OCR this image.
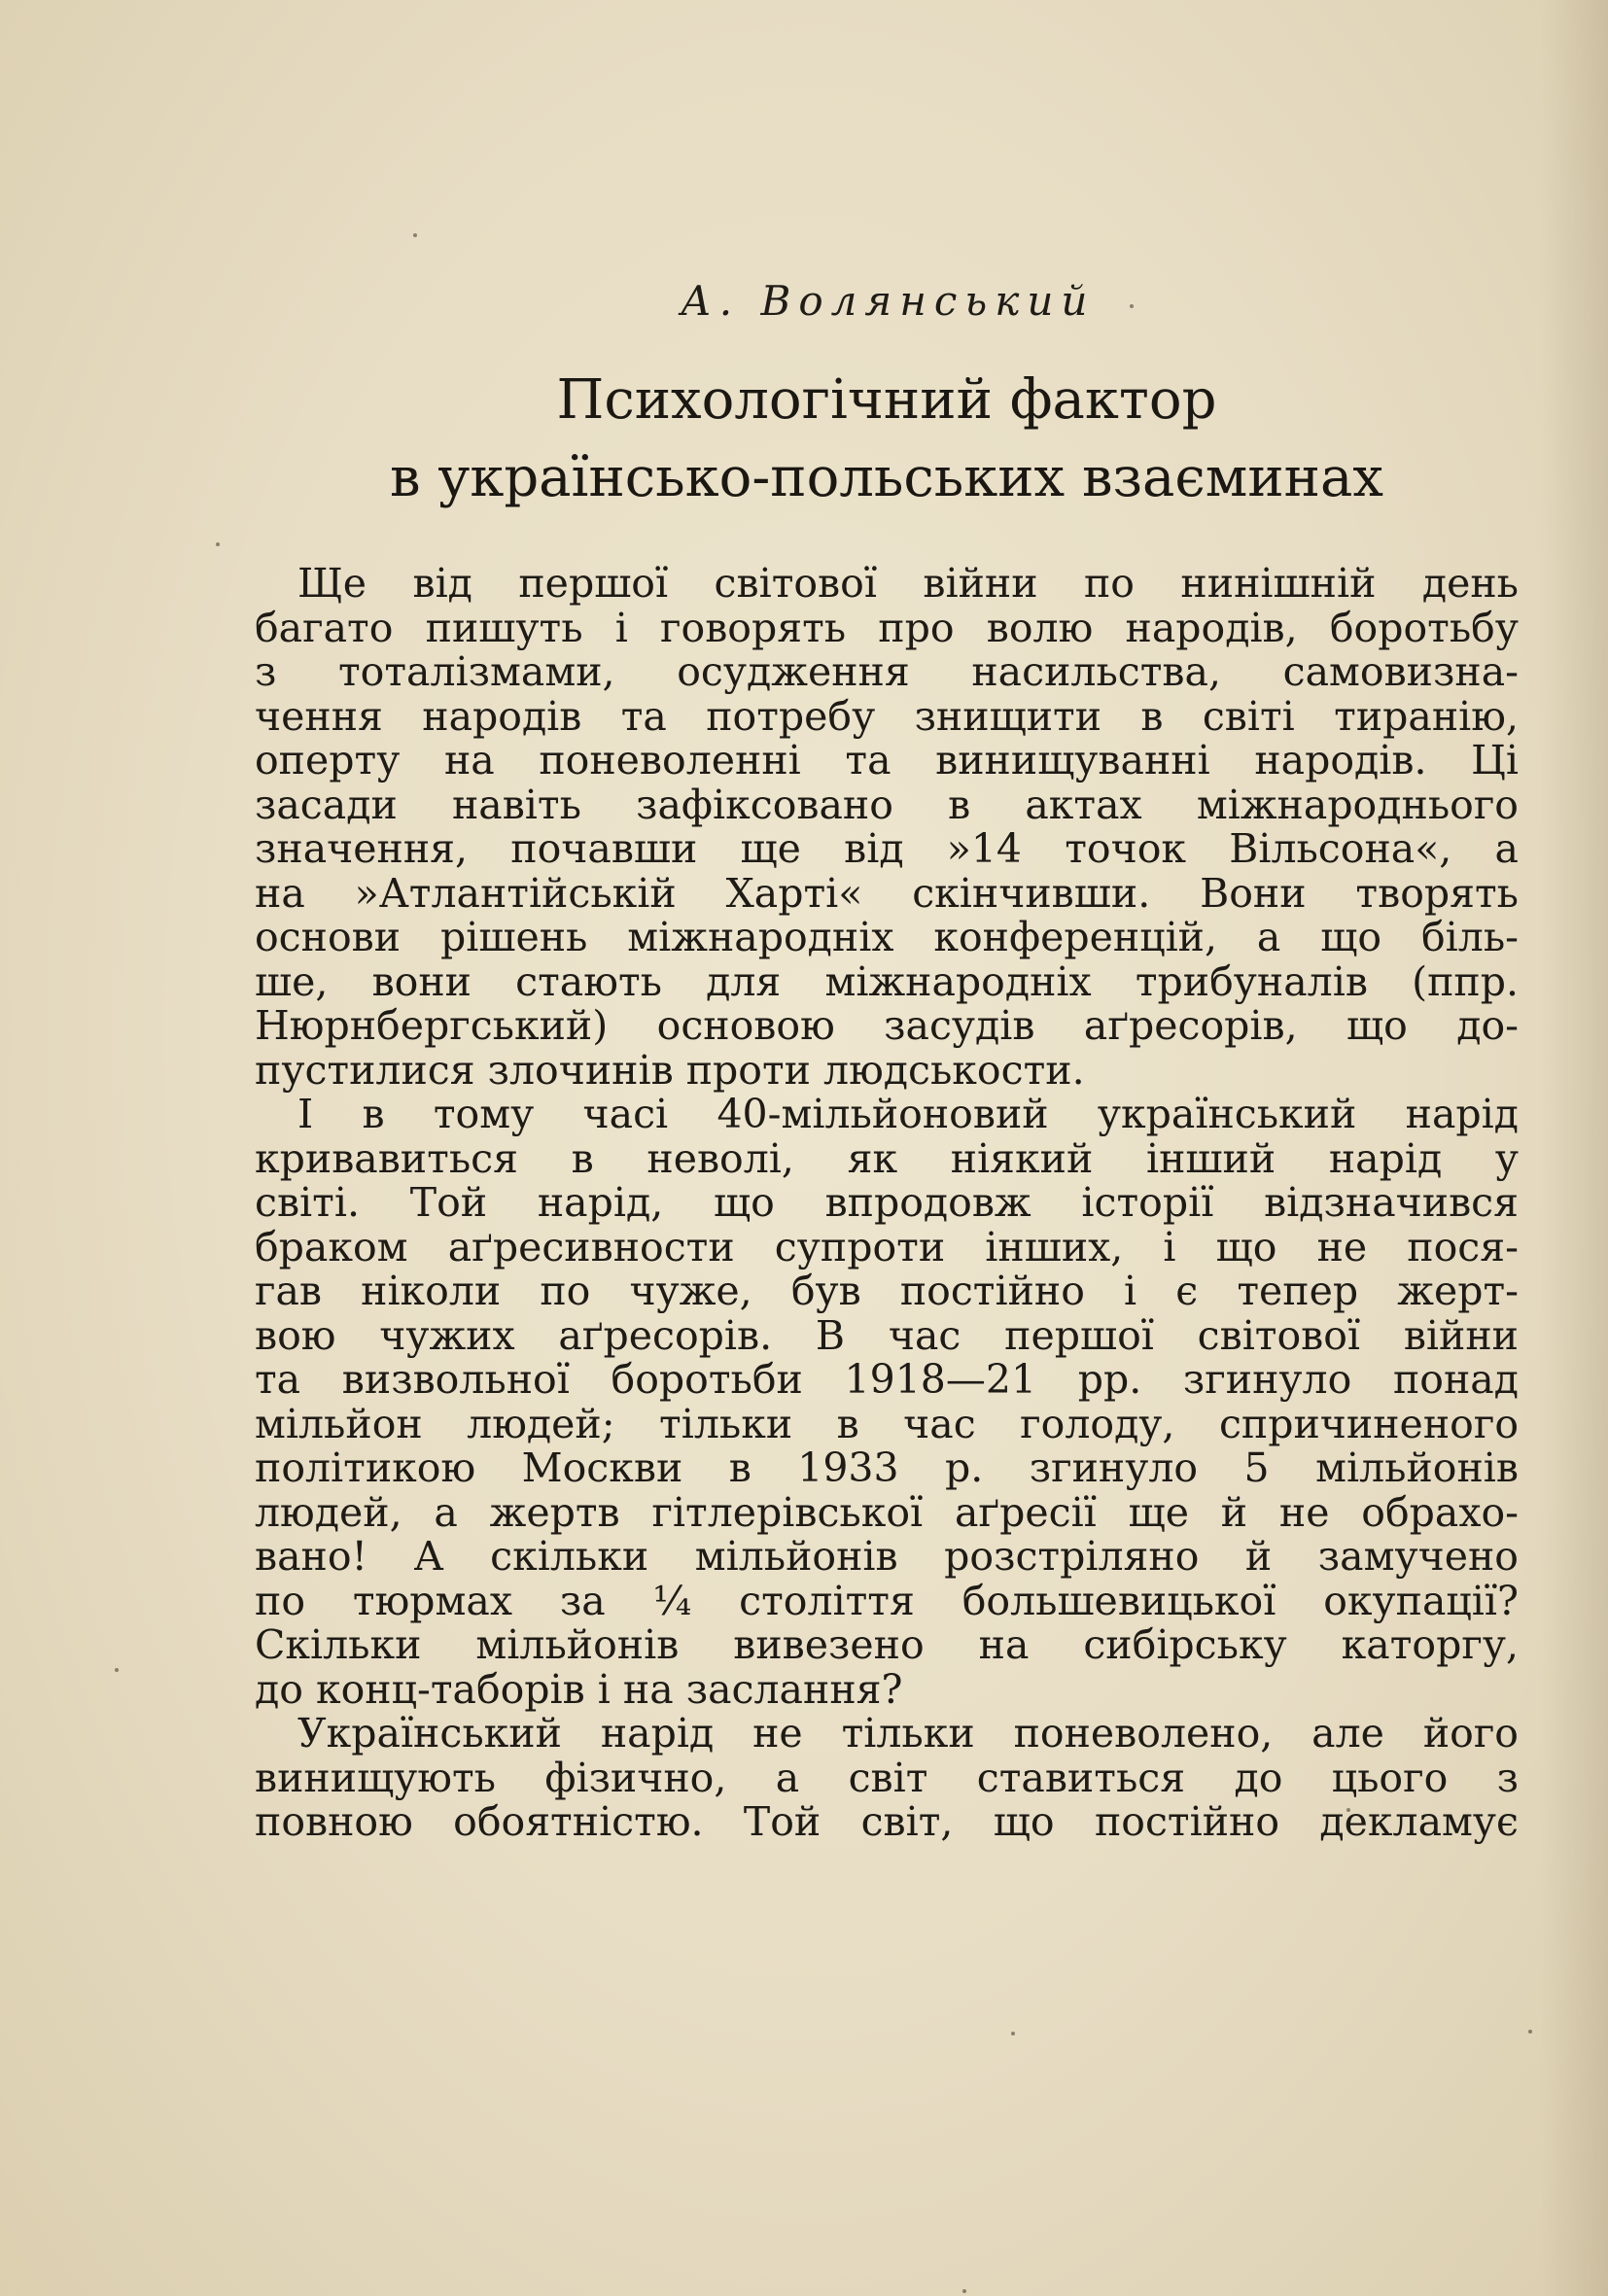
А. Волянський
Психологічний фактор
в українсько-польських взаєминах
Ще від першої світової війни по нинішній день
багато пишуть і говорять про волю народів, боротьбу
з тоталізмами, осудження насильства, самовизна-
чення народів та потребу знищити в світі тиранію,
оперту на поневоленні та винищуванні народів. Ці
засади навіть зафіксовано в актах міжнароднього
значення, почавши ще від »14 точок Вільсона«, а
на »Атлантійській Харті« скінчивши. Вони творять
основи рішень міжнародніх конференцій, а що біль-
ше, вони стають для міжнародніх трибуналів (ппр.
Нюрнбергський) основою засудів аґресорів, що до-
пустилися злочинів проти людськости.
І в тому часі 40-мільйоновий український нарід
кривавиться в неволі, як ніякий інший нарід у
світі. Той нарід, що впродовж історії відзначився
браком аґресивности супроти інших, і що не пося-
гав ніколи по чуже, був постійно і є тепер жерт-
вою чужих аґресорів. В час першої світової війни
та визвольної боротьби 1918—21 рр. згинуло понад
мільйон людей; тільки в час голоду, спричиненого
політикою Москви в 1933 р. згинуло 5 мільйонів
людей, а жертв гітлерівської аґресії ще й не обрахо-
вано! А скільки мільйонів розстріляно й замучено
по тюрмах за ¼ століття большевицької окупації?
Скільки мільйонів вивезено на сибірську каторгу,
до конц-таборів і на заслання?
Український нарід не тільки поневолено, але його
винищують фізично, а світ ставиться до цього з
повною обоятністю. Той світ, що постійно декламує
